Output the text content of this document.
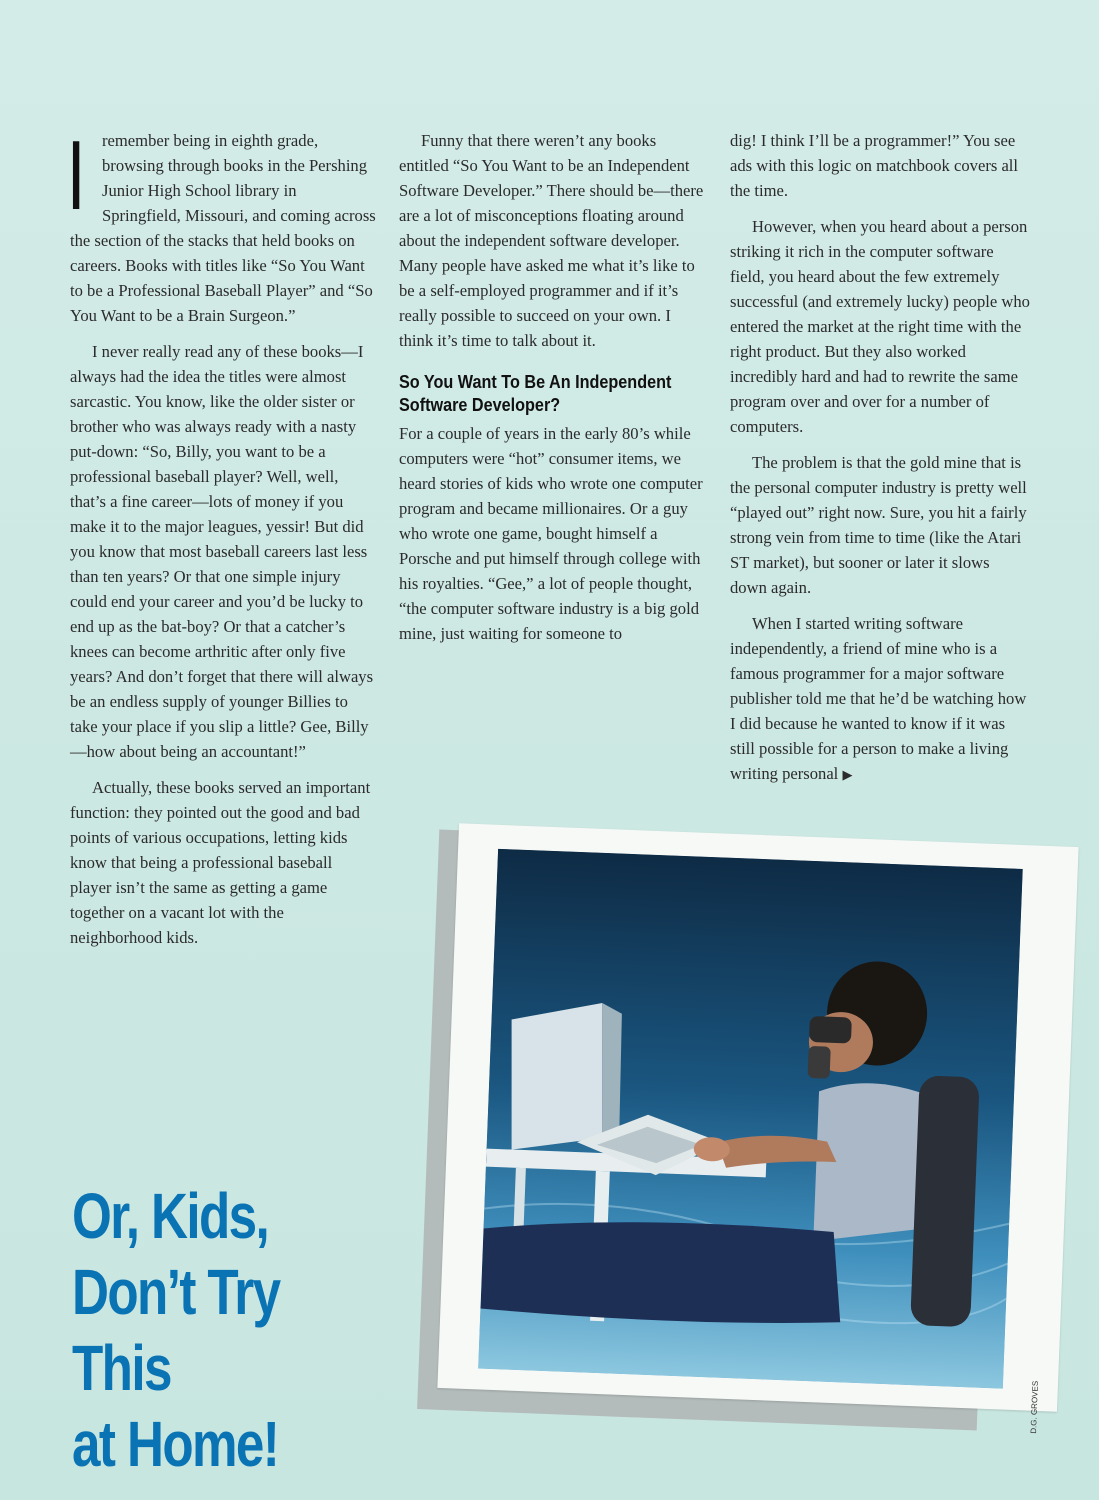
I remember being in eighth grade, browsing through books in the Pershing Junior High School library in Springfield, Missouri, and coming across the section of the stacks that held books on careers. Books with titles like “So You Want to be a Professional Baseball Player” and “So You Want to be a Brain Surgeon.”

I never really read any of these books—I always had the idea the titles were almost sarcastic. You know, like the older sister or brother who was always ready with a nasty put-down: “So, Billy, you want to be a professional baseball player? Well, well, that’s a fine career—lots of money if you make it to the major leagues, yessir! But did you know that most baseball careers last less than ten years? Or that one simple injury could end your career and you’d be lucky to end up as the bat-boy? Or that a catcher’s knees can become arthritic after only five years? And don’t forget that there will always be an endless supply of younger Billies to take your place if you slip a little? Gee, Billy—how about being an accountant!”

Actually, these books served an important function: they pointed out the good and bad points of various occupations, letting kids know that being a professional baseball player isn’t the same as getting a game together on a vacant lot with the neighborhood kids.

Funny that there weren’t any books entitled “So You Want to be an Independent Software Developer.” There should be—there are a lot of misconceptions floating around about the independent software developer. Many people have asked me what it’s like to be a self-employed programmer and if it’s really possible to succeed on your own. I think it’s time to talk about it.

So You Want To Be An Independent Software Developer?

For a couple of years in the early 80’s while computers were “hot” consumer items, we heard stories of kids who wrote one computer program and became millionaires. Or a guy who wrote one game, bought himself a Porsche and put himself through college with his royalties. “Gee,” a lot of people thought, “the computer software industry is a big gold mine, just waiting for someone to

dig! I think I’ll be a programmer!” You see ads with this logic on matchbook covers all the time.

However, when you heard about a person striking it rich in the computer software field, you heard about the few extremely successful (and extremely lucky) people who entered the market at the right time with the right product. But they also worked incredibly hard and had to rewrite the same program over and over for a number of computers.

The problem is that the gold mine that is the personal computer industry is pretty well “played out” right now. Sure, you hit a fairly strong vein from time to time (like the Atari ST market), but sooner or later it slows down again.

When I started writing software independently, a friend of mine who is a famous programmer for a major software publisher told me that he’d be watching how I did because he wanted to know if it was still possible for a person to make a living writing personal ▶

Or, Kids,
Don’t Try This
at Home!
D.G. GROVES
